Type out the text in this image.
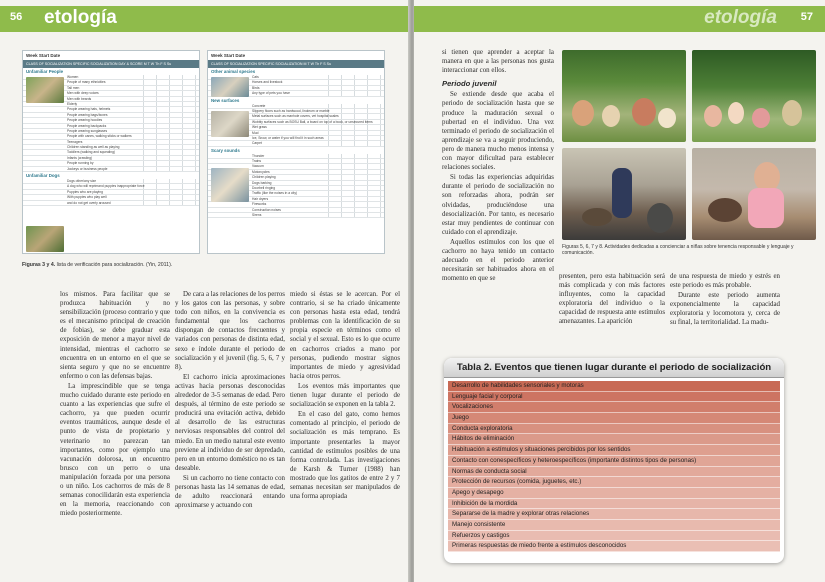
56 etología
Week Start Date
CLASS OF SOCIALIZATION SPECIFIC SOCIALIZATION DAY & SCORE M T W Th F S Su
Unfamiliar People
Women
People of many ethnicities
Tall men
Men with deep voices
Men with beards
Elderly
People wearing hats, helmets
People wearing bags/boxes
People wearing hoodies
People wearing backpacks
People wearing sunglasses
People with canes, walking sticks or walkers
Teenagers
Children standing as well as playing
Toddlers (walking and squealing)
Infants (crawling)
People running by
Jockeys or business people
Unfamiliar Dogs
Dogs other/any size
A dog who will reprimand puppies inappropriate force
Puppies who are playing
With puppies who play well
and do not get overly aroused
Week Start Date
CLASS OF SOCIALIZATION SPECIFIC SOCIALIZATION M T W Th F S Su
Other animal species
Cats
Horses and livestock
Birds
Any type of pets you have
New surfaces
Concrete
Slippery floors such as hardwood, linoleum or marble
Metal surfaces such as manhole covers, vet hospital scales
Wobbly surfaces such as BOSU Ball, a board on top of a book, or unsecured items
Wet grass
Mud
Ice, Snow, or water if you will find it in such areas
Carpet
Scary sounds
Thunder
Trains
Vacuum
Motorcycles
Children playing
Dogs barking
Doorbell ringing
Traffic (like the noises in a city)
Hair dryers
Fireworks
Construction noises
Sirens
Figuras 3 y 4. lista de verificación para socialización. (Yin, 2011).

los mismos. Para facilitar que se produzca habituación y no sensibilización (proceso contrario y que es el mecanismo principal de creación de fobias), se debe graduar esta exposición de menor a mayor nivel de intensidad, mientras el cachorro se encuentra en un entorno en el que se sienta seguro y que no se encuentre enfermo o con las defensas bajas.

La imprescindible que se tenga mucho cuidado durante este periodo en cuanto a las experiencias que sufre el cachorro, ya que pueden ocurrir eventos traumáticos, aunque desde el punto de vista de propietario y veterinario no parezcan tan importantes, como por ejemplo una vacunación dolorosa, un encuentro brusco con un perro o una manipulación forzada por una persona o un niño. Los cachorros de más de 8 semanas conocilidarán esta experiencia en la memoria, reaccionando con miedo posteriormente.

De cara a las relaciones de los perros y los gatos con las personas, y sobre todo con niños, en la convivencia es fundamental que los cachorros dispongan de contactos frecuentes y variados con personas de distinta edad, sexo e índole durante el periodo de socialización y el juvenil (fig. 5, 6, 7 y 8).

El cachorro inicia aproximaciones activas hacia personas desconocidas alrededor de 3-5 semanas de edad. Pero después, al término de este periodo se producirá una evitación activa, debido al desarrollo de las estructuras nerviosas responsables del control del miedo. En un medio natural este evento previene al individuo de ser depredado, pero en un entorno doméstico no es tan deseable.

Si un cachorro no tiene contacto con personas hasta las 14 semanas de edad, de adulto reaccionará entando aproximarse y actuando con

miedo si éstas se le acercan. Por el contrario, si se ha criado únicamente con personas hasta esta edad, tendrá problemas con la identificación de su propia especie en términos como el social y el sexual. Esto es lo que ocurre en cachorros criados a mano por personas, pudiendo mostrar signos importantes de miedo y agresividad hacia otros perros.

Los eventos más importantes que tienen lugar durante el periodo de socialización se exponen en la tabla 2.

En el caso del gato, como hemos comentado al principio, el periodo de socialización es más temprano. Es importante presentarles la mayor cantidad de estímulos posibles de una forma controlada. Las investigaciones de Karsh & Turner (1988) han mostrado que los gatitos de entre 2 y 7 semanas necesitan ser manipulados de una forma apropiada

etología 57

si tienen que aprender a aceptar la manera en que a las personas nos gusta interaccionar con ellos.

Periodo juvenil

Se extiende desde que acaba el periodo de socialización hasta que se produce la maduración sexual o pubertad en el individuo. Una vez terminado el periodo de socialización el aprendizaje se va a seguir produciendo, pero de manera mucho menos intensa y con mayor dificultad para establecer relaciones sociales.

Si todas las experiencias adquiridas durante el periodo de socialización no son reforzadas ahora, podrán ser olvidadas, produciéndose una desocialización. Por tanto, es necesario estar muy pendientes de continuar con cuidado con el aprendizaje.

Aquellos estímulos con los que el cachorro no haya tenido un contacto adecuado en el periodo anterior necesitarán ser habituados ahora en el momento en que se

Figuras 5, 6, 7 y 8. Actividades dedicadas a concienciar a niñas sobre tenencia responsable y lenguaje y comunicación.

presenten, pero esta habituación será más complicada y con más factores influyentes, como la capacidad exploratoria del individuo o la capacidad de respuesta ante estímulos amenazantes. La aparición

de una respuesta de miedo y estrés en este periodo es más probable.

Durante este periodo aumenta exponencialmente la capacidad exploratoria y locomotora y, cerca de su final, la territorialidad. La madu-

Tabla 2. Eventos que tienen lugar durante el periodo de socialización
Desarrollo de habilidades sensoriales y motoras
Lenguaje facial y corporal
Vocalizaciones
Juego
Conducta exploratoria
Hábitos de eliminación
Habituación a estímulos y situaciones percibidos por los sentidos
Contacto con conespecíficos y heteroespecíficos (importante distintos tipos de personas)
Normas de conducta social
Protección de recursos (comida, juguetes, etc.)
Apego y desapego
Inhibición de la mordida
Separarse de la madre y explorar otras relaciones
Manejo consistente
Refuerzos y castigos
Primeras respuestas de miedo frente a estímulos desconocidos
